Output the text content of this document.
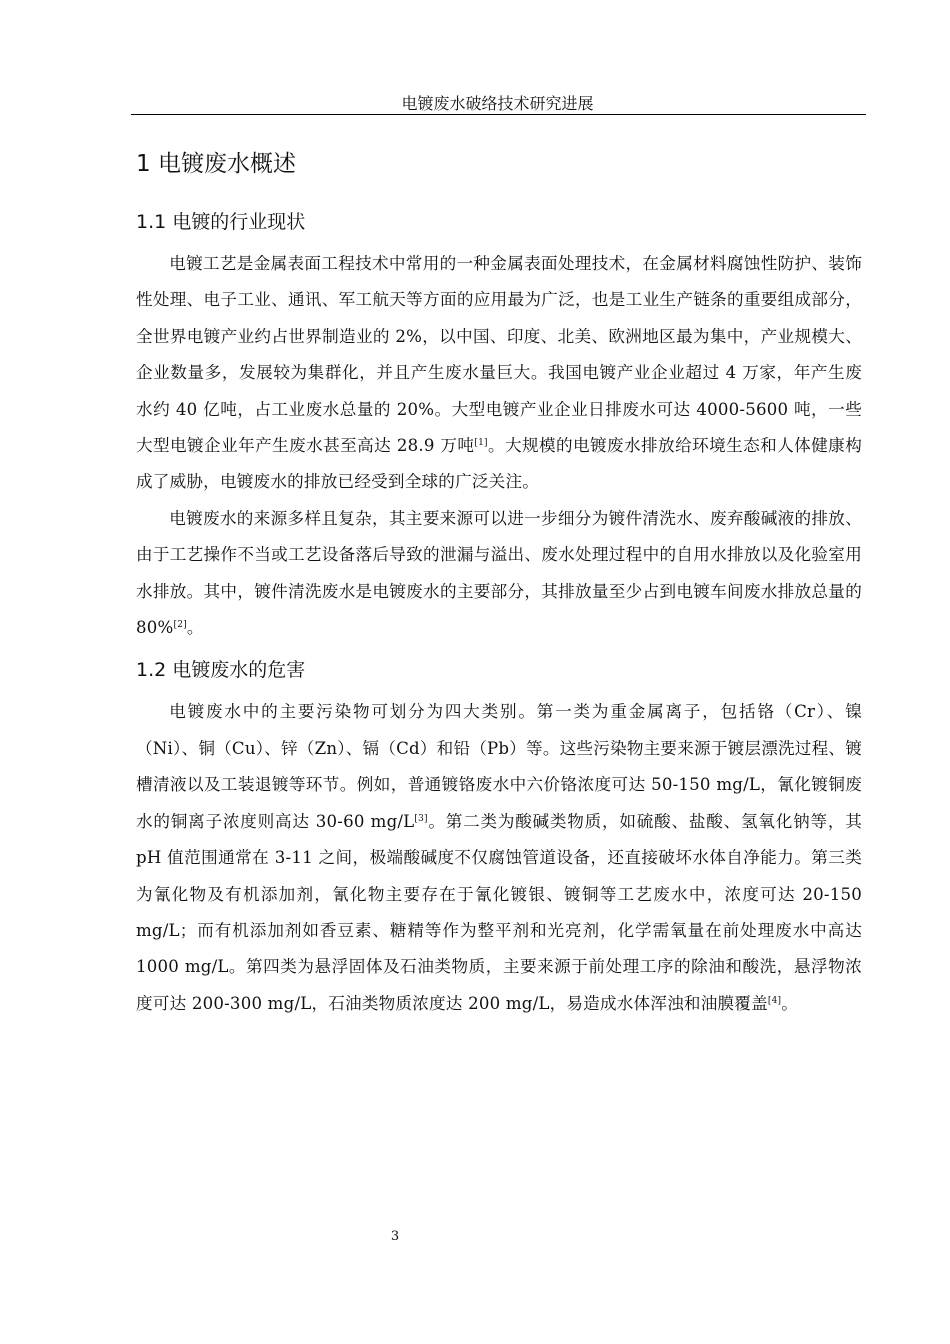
电镀废水破络技术研究进展
1 电镀废水概述
1.1 电镀的行业现状

电镀工艺是金属表面工程技术中常用的一种金属表面处理技术，在金属材料腐蚀性防护、装饰性处理、电子工业、通讯、军工航天等方面的应用最为广泛，也是工业生产链条的重要组成部分，全世界电镀产业约占世界制造业的 2%，以中国、印度、北美、欧洲地区最为集中，产业规模大、企业数量多，发展较为集群化，并且产生废水量巨大。我国电镀产业企业超过 4 万家，年产生废水约 40 亿吨，占工业废水总量的 20%。大型电镀产业企业日排废水可达 4000-5600 吨，一些大型电镀企业年产生废水甚至高达 28.9 万吨[1]。大规模的电镀废水排放给环境生态和人体健康构成了威胁，电镀废水的排放已经受到全球的广泛关注。

电镀废水的来源多样且复杂，其主要来源可以进一步细分为镀件清洗水、废弃酸碱液的排放、由于工艺操作不当或工艺设备落后导致的泄漏与溢出、废水处理过程中的自用水排放以及化验室用水排放。其中，镀件清洗废水是电镀废水的主要部分，其排放量至少占到电镀车间废水排放总量的 80%[2]。

1.2 电镀废水的危害

电镀废水中的主要污染物可划分为四大类别。第一类为重金属离子，包括铬（Cr）、镍（Ni）、铜（Cu）、锌（Zn）、镉（Cd）和铅（Pb）等。这些污染物主要来源于镀层漂洗过程、镀槽清液以及工装退镀等环节。例如，普通镀铬废水中六价铬浓度可达 50-150 mg/L，氰化镀铜废水的铜离子浓度则高达 30-60 mg/L[3]。第二类为酸碱类物质，如硫酸、盐酸、氢氧化钠等，其 pH 值范围通常在 3-11 之间，极端酸碱度不仅腐蚀管道设备，还直接破坏水体自净能力。第三类为氰化物及有机添加剂，氰化物主要存在于氰化镀银、镀铜等工艺废水中，浓度可达 20-150 mg/L；而有机添加剂如香豆素、糖精等作为整平剂和光亮剂，化学需氧量在前处理废水中高达 1000 mg/L。第四类为悬浮固体及石油类物质，主要来源于前处理工序的除油和酸洗，悬浮物浓度可达 200-300 mg/L，石油类物质浓度达 200 mg/L，易造成水体浑浊和油膜覆盖[4]。

3
